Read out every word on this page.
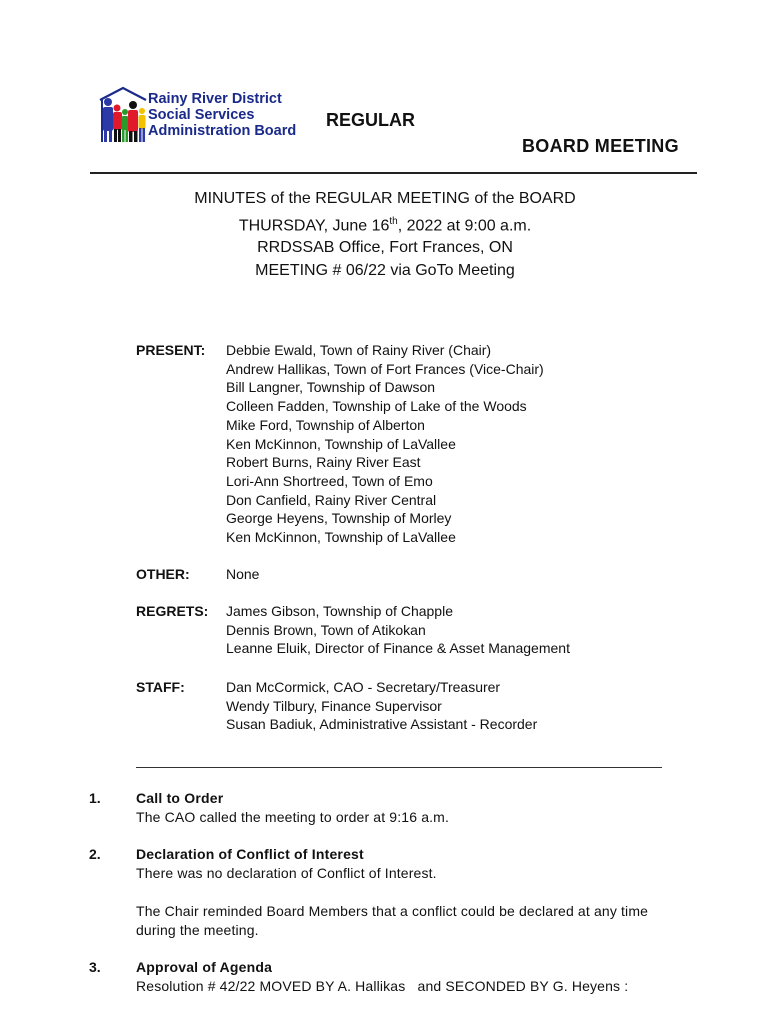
Rainy River District
Social Services
Administration Board
REGULAR
BOARD MEETING
MINUTES of the REGULAR MEETING of the BOARD
THURSDAY, June 16th, 2022 at 9:00 a.m.
RRDSSAB Office, Fort Frances, ON
MEETING # 06/22 via GoTo Meeting
PRESENT: Debbie Ewald, Town of Rainy River (Chair)
Andrew Hallikas, Town of Fort Frances (Vice-Chair)
Bill Langner, Township of Dawson
Colleen Fadden, Township of Lake of the Woods
Mike Ford, Township of Alberton
Ken McKinnon, Township of LaVallee
Robert Burns, Rainy River East
Lori-Ann Shortreed, Town of Emo
Don Canfield, Rainy River Central
George Heyens, Township of Morley
Ken McKinnon, Township of LaVallee
OTHER:	None
REGRETS: James Gibson, Township of Chapple
Dennis Brown, Town of Atikokan
Leanne Eluik, Director of Finance & Asset Management
STAFF:	Dan McCormick, CAO - Secretary/Treasurer
Wendy Tilbury, Finance Supervisor
Susan Badiuk, Administrative Assistant - Recorder
1.	Call to Order
The CAO called the meeting to order at 9:16 a.m.
2.	Declaration of Conflict of Interest
There was no declaration of Conflict of Interest.
The Chair reminded Board Members that a conflict could be declared at any time
during the meeting.
3.	Approval of Agenda
Resolution # 42/22 MOVED BY A. Hallikas   and SECONDED BY G. Heyens :
